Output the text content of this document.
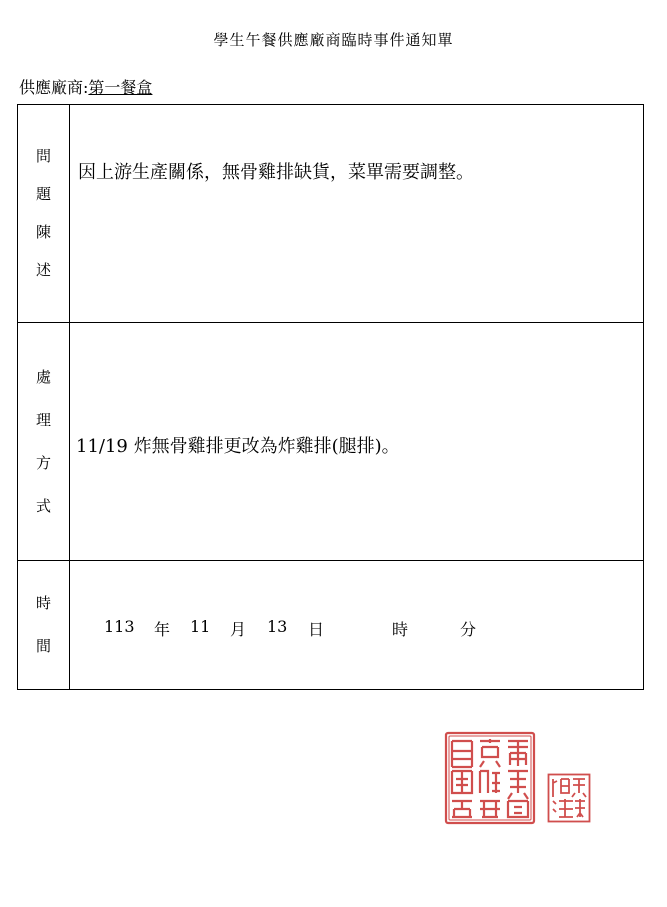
學生午餐供應廠商臨時事件通知單
供應廠商:第一餐盒
問
題
陳
述
因上游生產關係，無骨雞排缺貨，菜單需要調整。
處
理
方
式
11/19 炸無骨雞排更改為炸雞排(腿排)。
時
間
113 年 11 月 13 日	時	分
